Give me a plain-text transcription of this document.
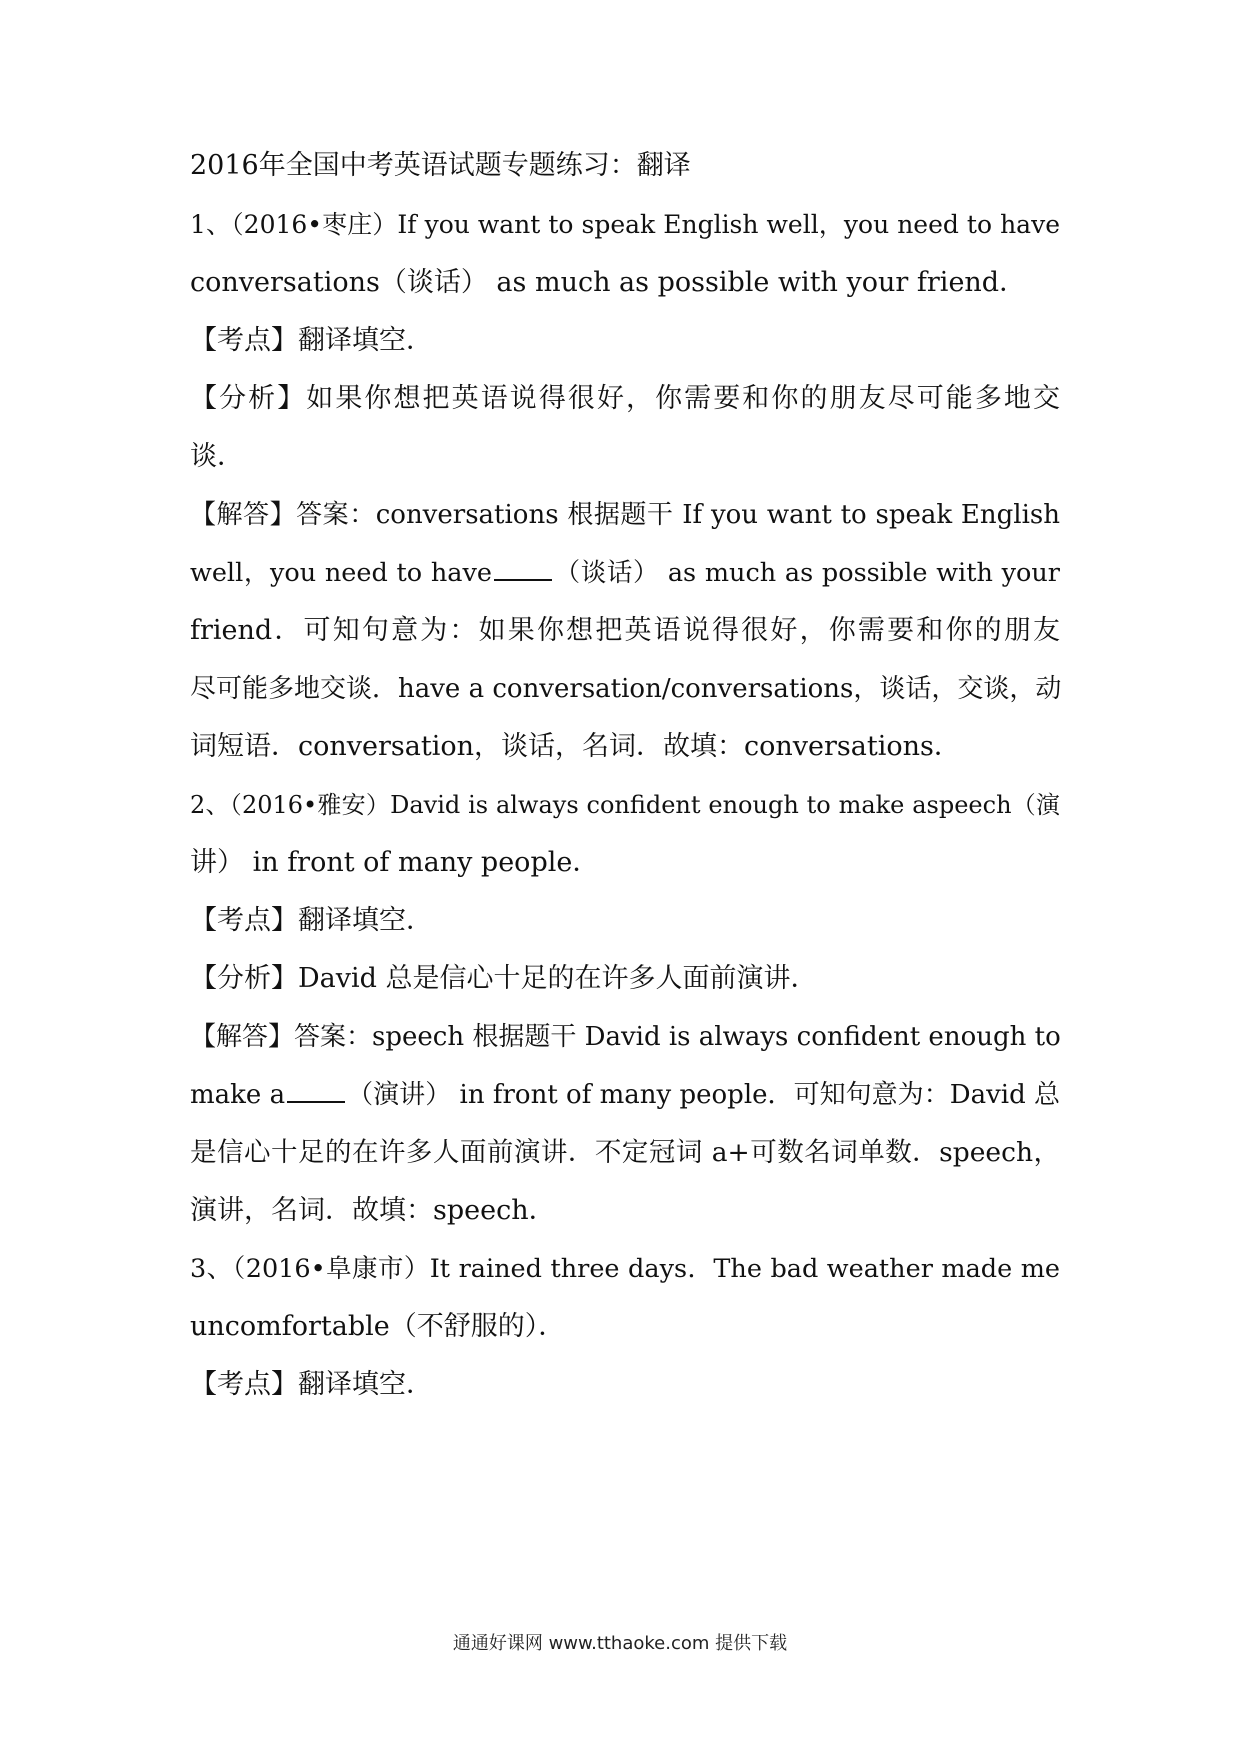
2016年全国中考英语试题专题练习：翻译

1、（2016•枣庄）If you want to speak English well，you need to have

conversations（谈话） as much as possible with your friend．

【考点】翻译填空．

【分析】如果你想把英语说得很好，你需要和你的朋友尽可能多地交

谈．

【解答】答案：conversations 根据题干 If you want to speak English

well，you need to have （谈话） as much as possible with your

friend．可知句意为：如果你想把英语说得很好，你需要和你的朋友

尽可能多地交谈．have a conversation/conversations，谈话，交谈，动

词短语．conversation，谈话，名词．故填：conversations．

2、（2016•雅安）David is always confident enough to make aspeech（演

讲） in front of many people．

【考点】翻译填空．

【分析】David 总是信心十足的在许多人面前演讲．

【解答】答案：speech 根据题干 David is always confident enough to

make a （演讲） in front of many people．可知句意为：David 总

是信心十足的在许多人面前演讲．不定冠词 a+可数名词单数．speech，

演讲，名词．故填：speech．

3、（2016•阜康市）It rained three days．The bad weather made me

uncomfortable（不舒服的）．

【考点】翻译填空．

通通好课网 www.tthaoke.com 提供下载
